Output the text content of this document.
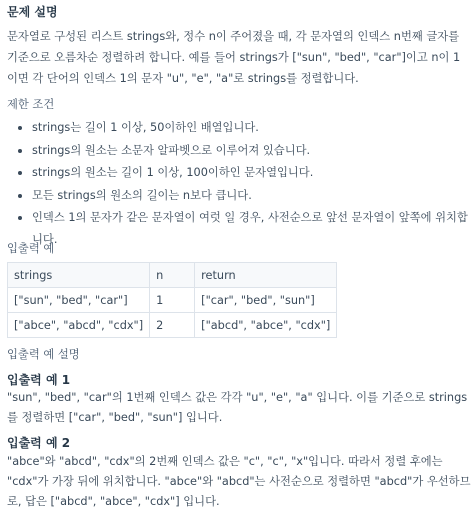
문제 설명
문자열로 구성된 리스트 strings와, 정수 n이 주어졌을 때, 각 문자열의 인덱스 n번째 글자를 기준으로 오름차순 정렬하려 합니다. 예를 들어 strings가 ["sun", "bed", "car"]이고 n이 1이면 각 단어의 인덱스 1의 문자 "u", "e", "a"로 strings를 정렬합니다.
제한 조건
strings는 길이 1 이상, 50이하인 배열입니다.
strings의 원소는 소문자 알파벳으로 이루어져 있습니다.
strings의 원소는 길이 1 이상, 100이하인 문자열입니다.
모든 strings의 원소의 길이는 n보다 큽니다.
인덱스 1의 문자가 같은 문자열이 여럿 일 경우, 사전순으로 앞선 문자열이 앞쪽에 위치합니다.
입출력 예
strings	n	return
["sun", "bed", "car"]	1	["car", "bed", "sun"]
["abce", "abcd", "cdx"]	2	["abcd", "abce", "cdx"]
입출력 예 설명
입출력 예 1
"sun", "bed", "car"의 1번째 인덱스 값은 각각 "u", "e", "a" 입니다. 이를 기준으로 strings를 정렬하면 ["car", "bed", "sun"] 입니다.
입출력 예 2
"abce"와 "abcd", "cdx"의 2번째 인덱스 값은 "c", "c", "x"입니다. 따라서 정렬 후에는 "cdx"가 가장 뒤에 위치합니다. "abce"와 "abcd"는 사전순으로 정렬하면 "abcd"가 우선하므로, 답은 ["abcd", "abce", "cdx"] 입니다.
